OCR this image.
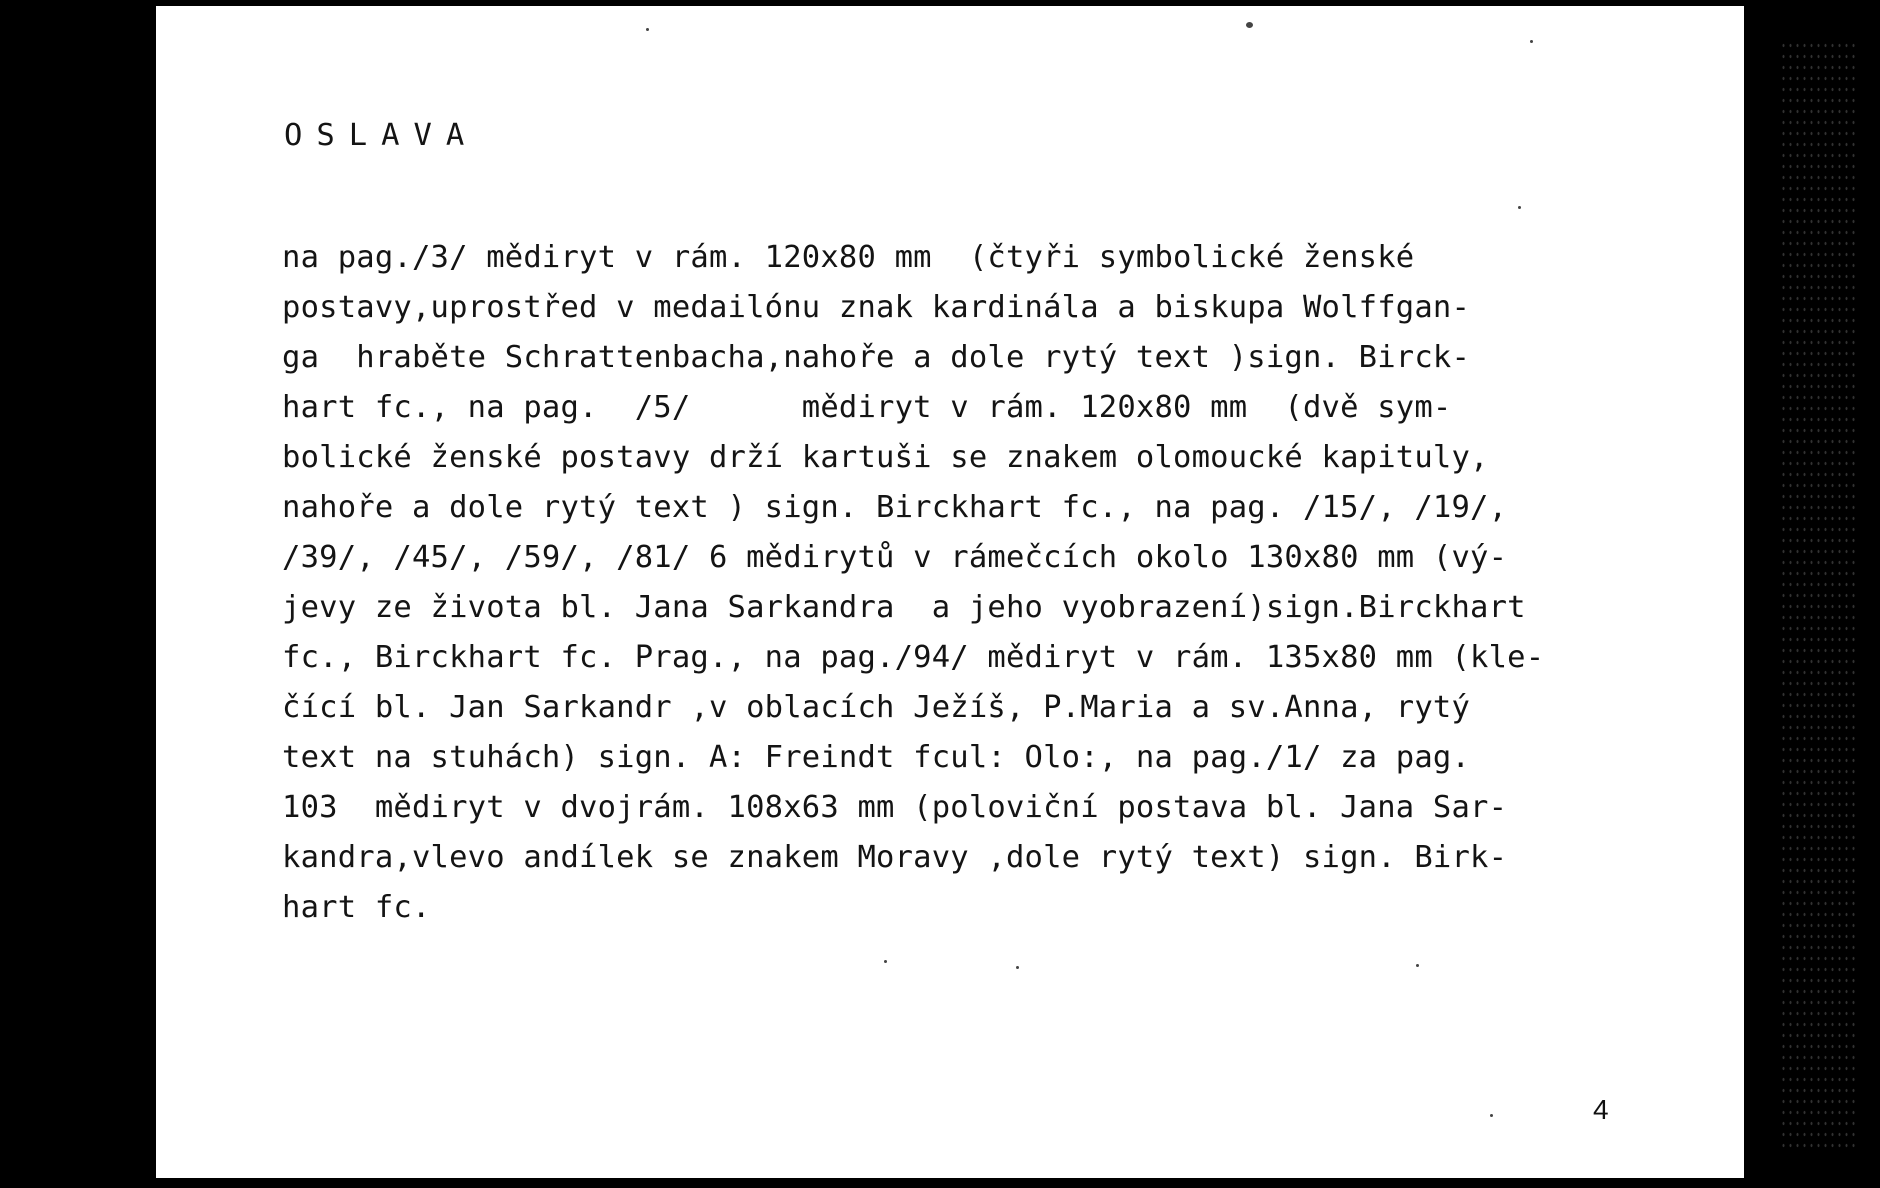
OSLAVA
na pag./3/ mědiryt v rám. 120x80 mm  (čtyři symbolické ženské
postavy,uprostřed v medailónu znak kardinála a biskupa Wolffgan-
ga  hraběte Schrattenbacha,nahoře a dole rytý text )sign. Birck-
hart fc., na pag.  /5/      mědiryt v rám. 120x80 mm  (dvě sym-
bolické ženské postavy drží kartuši se znakem olomoucké kapituly,
nahoře a dole rytý text ) sign. Birckhart fc., na pag. /15/, /19/,
/39/, /45/, /59/, /81/ 6 mědirytů v rámečcích okolo 130x80 mm (vý-
jevy ze života bl. Jana Sarkandra  a jeho vyobrazení)sign.Birckhart
fc., Birckhart fc. Prag., na pag./94/ mědiryt v rám. 135x80 mm (kle-
čící bl. Jan Sarkandr ,v oblacích Ježíš, P.Maria a sv.Anna, rytý
text na stuhách) sign. A: Freindt fcul: Olo:, na pag./1/ za pag.
103  mědiryt v dvojrám. 108x63 mm (poloviční postava bl. Jana Sar-
kandra,vlevo andílek se znakem Moravy ,dole rytý text) sign. Birk-
hart fc.
4
